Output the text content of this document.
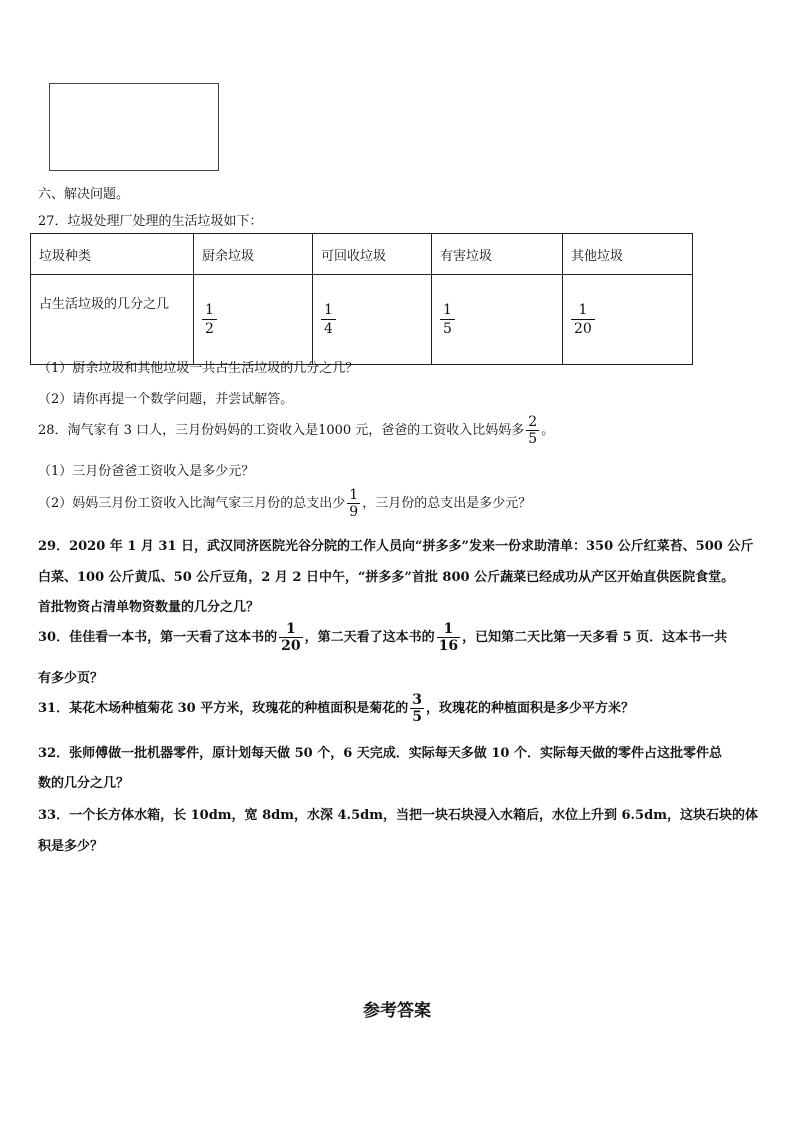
六、解决问题。
27．垃圾处理厂处理的生活垃圾如下：
垃圾种类	厨余垃圾	可回收垃圾	有害垃圾	其他垃圾
占生活垃圾的几分之几	$\frac{1}{2}$	$\frac{1}{4}$	$\frac{1}{5}$	$\frac{1}{20}$
（1）厨余垃圾和其他垃圾一共占生活垃圾的几分之几？
（2）请你再提一个数学问题，并尝试解答。
28．淘气家有 3 口人，三月份妈妈的工资收入是1000 元，爸爸的工资收入比妈妈多 $\frac{2}{5}$ 。
（1）三月份爸爸工资收入是多少元？
（2）妈妈三月份工资收入比淘气家三月份的总支出少 $\frac{1}{9}$ ，三月份的总支出是多少元？
29．2020 年 1 月 31 日，武汉同济医院光谷分院的工作人员向“拼多多”发来一份求助清单：350 公斤红菜苔、500 公斤
白菜、100 公斤黄瓜、50 公斤豆角，2 月 2 日中午，“拼多多”首批 800 公斤蔬菜已经成功从产区开始直供医院食堂。
首批物资占清单物资数量的几分之几？
30．佳佳看一本书，第一天看了这本书的 $\frac{1}{20}$ ，第二天看了这本书的 $\frac{1}{16}$ ，已知第二天比第一天多看 5 页．这本书一共
有多少页？
31．某花木场种植菊花 30 平方米，玫瑰花的种植面积是菊花的 $\frac{3}{5}$ ，玫瑰花的种植面积是多少平方米？
32．张师傅做一批机器零件，原计划每天做 50 个，6 天完成．实际每天多做 10 个．实际每天做的零件占这批零件总
数的几分之几？
33．一个长方体水箱，长 10dm，宽 8dm，水深 4.5dm，当把一块石块浸入水箱后，水位上升到 6.5dm，这块石块的体
积是多少？
参考答案
